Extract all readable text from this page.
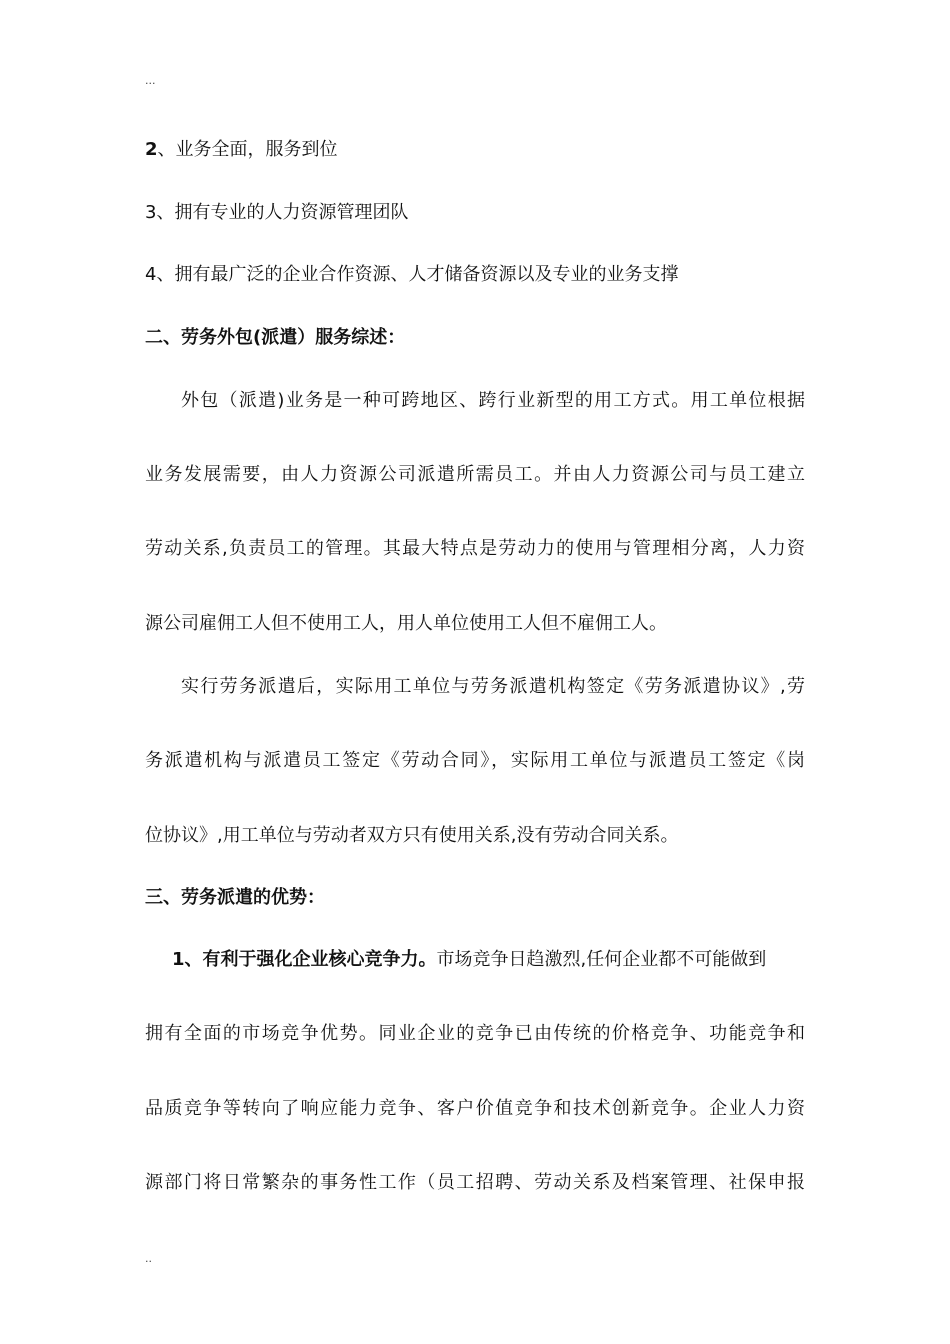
...
2、业务全面，服务到位
3、拥有专业的人力资源管理团队
4、拥有最广泛的企业合作资源、人才储备资源以及专业的业务支撑
二、劳务外包(派遣）服务综述：
外包（派遣)业务是一种可跨地区、跨行业新型的用工方式。用工单位根据
业务发展需要，由人力资源公司派遣所需员工。并由人力资源公司与员工建立
劳动关系,负责员工的管理。其最大特点是劳动力的使用与管理相分离，人力资
源公司雇佣工人但不使用工人，用人单位使用工人但不雇佣工人。
实行劳务派遣后，实际用工单位与劳务派遣机构签定《劳务派遣协议》,劳
务派遣机构与派遣员工签定《劳动合同》，实际用工单位与派遣员工签定《岗
位协议》,用工单位与劳动者双方只有使用关系,没有劳动合同关系。
三、劳务派遣的优势：
1、有利于强化企业核心竞争力。市场竞争日趋激烈,任何企业都不可能做到
拥有全面的市场竞争优势。同业企业的竞争已由传统的价格竞争、功能竞争和
品质竞争等转向了响应能力竞争、客户价值竞争和技术创新竞争。企业人力资
源部门将日常繁杂的事务性工作（员工招聘、劳动关系及档案管理、社保申报
..
